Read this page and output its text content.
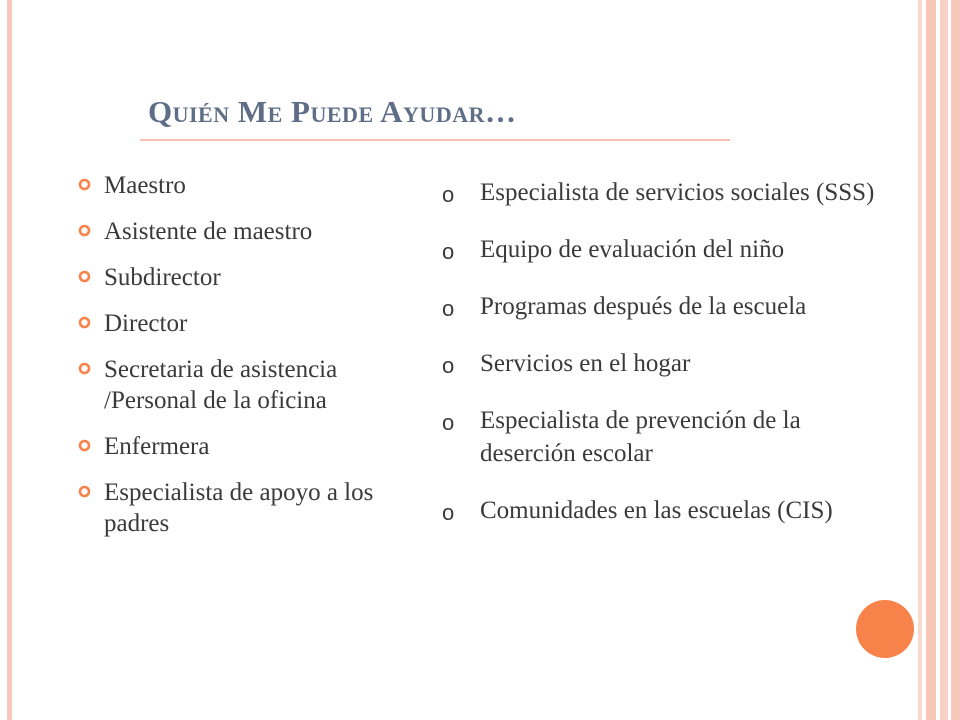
Quién Me Puede Ayudar…
Maestro
Asistente de maestro
Subdirector
Director
Secretaria de asistencia /Personal de la oficina
Enfermera
Especialista de apoyo a los padres
o Especialista de servicios sociales (SSS)
o Equipo de evaluación del niño
o Programas después de la escuela
o Servicios en el hogar
o Especialista de prevención de la deserción escolar
o Comunidades en las escuelas (CIS)
